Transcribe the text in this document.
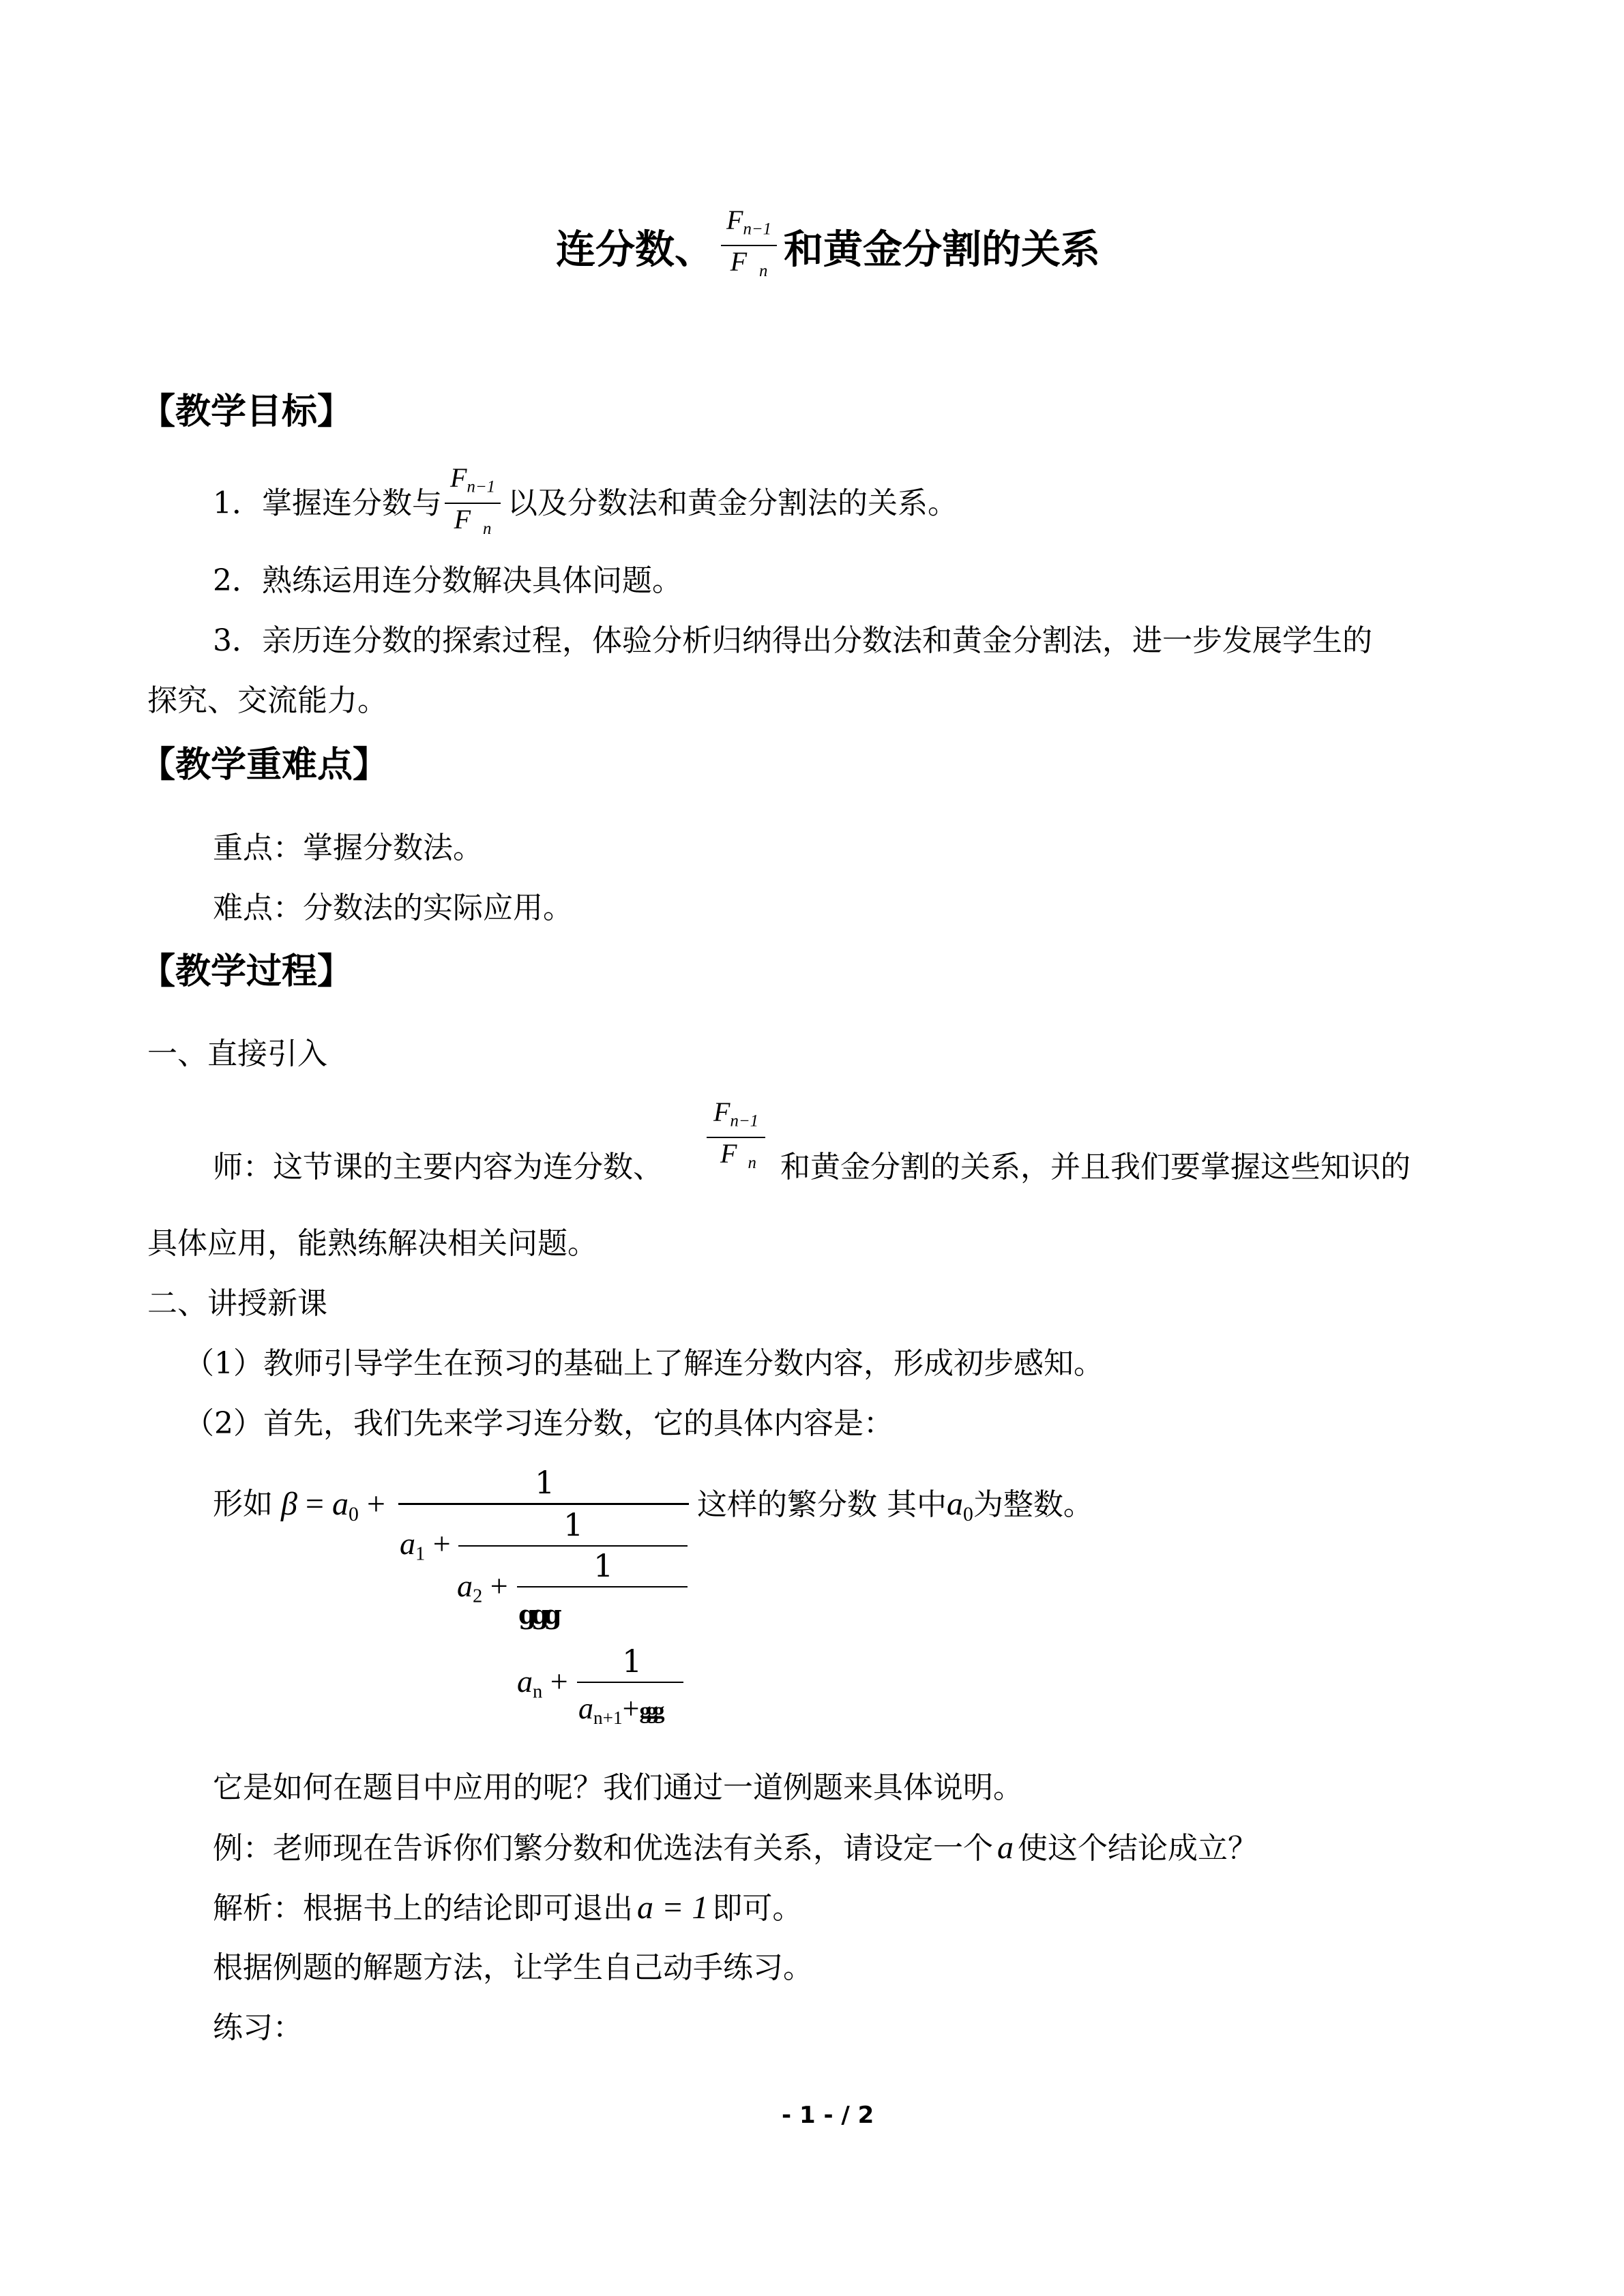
连分数、 $\frac{F_{n-1}}{F _n}$ 和黄金分割的关系
【教学目标】
1．掌握连分数与 $\frac{F_{n-1}}{F _n}$ 以及分数法和黄金分割法的关系。
2．熟练运用连分数解决具体问题。
3．亲历连分数的探索过程，体验分析归纳得出分数法和黄金分割法，进一步发展学生的
探究、交流能力。
【教学重难点】
重点：掌握分数法。
难点：分数法的实际应用。
【教学过程】
一、直接引入
$F_{n-1}$
F $_n$
师：这节课的主要内容为连分数、	和黄金分割的关系，并且我们要掌握这些知识的
具体应用，能熟练解决相关问题。
二、讲授新课
（1）教师引导学生在预习的基础上了解连分数内容，形成初步感知。
（2）首先，我们先来学习连分数，它的具体内容是：
形如 $\beta = a_0$ +
1
$a_1$ +
1
$a_2$ +
1
ggg
$a_n$ +
1
$a_{n+1}+ggg$
这样的繁分数 其中$a_0$为整数。
它是如何在题目中应用的呢？我们通过一道例题来具体说明。
例：老师现在告诉你们繁分数和优选法有关系，请设定一个 a 使这个结论成立？
解析：根据书上的结论即可退出 a = 1 即可。
根据例题的解题方法，让学生自己动手练习。
练习：
- 1 - / 2
